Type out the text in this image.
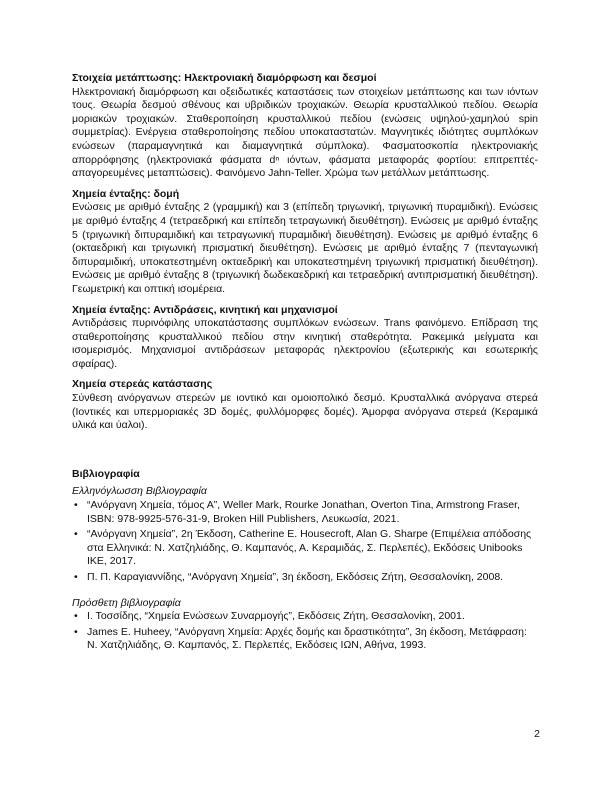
Στοιχεία μετάπτωσης: Ηλεκτρονιακή διαμόρφωση και δεσμοί

Ηλεκτρονιακή διαμόρφωση και οξειδωτικές καταστάσεις των στοιχείων μετάπτωσης και των ιόντων τους. Θεωρία δεσμού σθένους και υβριδικών τροχιακών. Θεωρία κρυσταλλικού πεδίου. Θεωρία μοριακών τροχιακών. Σταθεροποίηση κρυσταλλικού πεδίου (ενώσεις υψηλού-χαμηλού spin συμμετρίας). Ενέργεια σταθεροποίησης πεδίου υποκαταστατών. Μαγνητικές ιδιότητες συμπλόκων ενώσεων (παραμαγνητικά και διαμαγνητικά σύμπλοκα). Φασματοσκοπία ηλεκτρονιακής απορρόφησης (ηλεκτρονιακά φάσματα dⁿ ιόντων, φάσματα μεταφοράς φορτίου: επιτρεπτές-απαγορευμένες μεταπτώσεις). Φαινόμενο Jahn-Teller. Χρώμα των μετάλλων μετάπτωσης.

Χημεία ένταξης: δομή

Ενώσεις με αριθμό ένταξης 2 (γραμμική) και 3 (επίπεδη τριγωνική, τριγωνική πυραμιδική). Ενώσεις με αριθμό ένταξης 4 (τετραεδρική και επίπεδη τετραγωνική διευθέτηση). Ενώσεις με αριθμό ένταξης 5 (τριγωνική διπυραμιδική και τετραγωνική πυραμιδική διευθέτηση). Ενώσεις με αριθμό ένταξης 6 (οκταεδρική και τριγωνική πρισματική διευθέτηση). Ενώσεις με αριθμό ένταξης 7 (πενταγωνική διπυραμιδική, υποκατεστημένη οκταεδρική και υποκατεστημένη τριγωνική πρισματική διευθέτηση). Ενώσεις με αριθμό ένταξης 8 (τριγωνική δωδεκαεδρική και τετραεδρική αντιπρισματική διευθέτηση). Γεωμετρική και οπτική ισομέρεια.

Χημεία ένταξης: Αντιδράσεις, κινητική και μηχανισμοί

Αντιδράσεις πυρινόφιλης υποκατάστασης συμπλόκων ενώσεων. Trans φαινόμενο. Επίδραση της σταθεροποίησης κρυσταλλικού πεδίου στην κινητική σταθερότητα. Ρακεμικά μείγματα και ισομερισμός. Μηχανισμοί αντιδράσεων μεταφοράς ηλεκτρονίου (εξωτερικής και εσωτερικής σφαίρας).

Χημεία στερεάς κατάστασης

Σύνθεση ανόργανων στερεών με ιοντικό και ομοιοπολικό δεσμό. Κρυσταλλικά ανόργανα στερεά (Ιοντικές και υπερμοριακές 3D δομές, φυλλόμορφες δομές). Άμορφα ανόργανα στερεά (Κεραμικά υλικά και ύαλοι).

Βιβλιογραφία

Ελληνόγλωσση Βιβλιογραφία

• “Ανόργανη Χημεία, τόμος Α”, Weller Mark, Rourke Jonathan, Overton Tina, Armstrong Fraser, ISBN: 978-9925-576-31-9, Broken Hill Publishers, Λευκωσία, 2021.
• “Ανόργανη Χημεία”, 2η Έκδοση, Catherine E. Housecroft, Alan G. Sharpe (Επιμέλεια απόδοσης στα Ελληνικά: Ν. Χατζηλιάδης, Θ. Καμπανός, Α. Κεραμιδάς, Σ. Περλεπές), Εκδόσεις Unibooks IKE, 2017.
• Π. Π. Καραγιαννίδης, “Ανόργανη Χημεία”, 3η έκδοση, Εκδόσεις Ζήτη, Θεσσαλονίκη, 2008.

Πρόσθετη βιβλιογραφία

• Ι. Τοσσίδης, “Χημεία Ενώσεων Συναρμογής”, Εκδόσεις Ζήτη, Θεσσαλονίκη, 2001.
• James E. Huheey, “Ανόργανη Χημεία: Αρχές δομής και δραστικότητα”, 3η έκδοση, Μετάφραση: Ν. Χατζηλιάδης, Θ. Καμπανός, Σ. Περλεπές, Εκδόσεις ΙΩΝ, Αθήνα, 1993.
2
